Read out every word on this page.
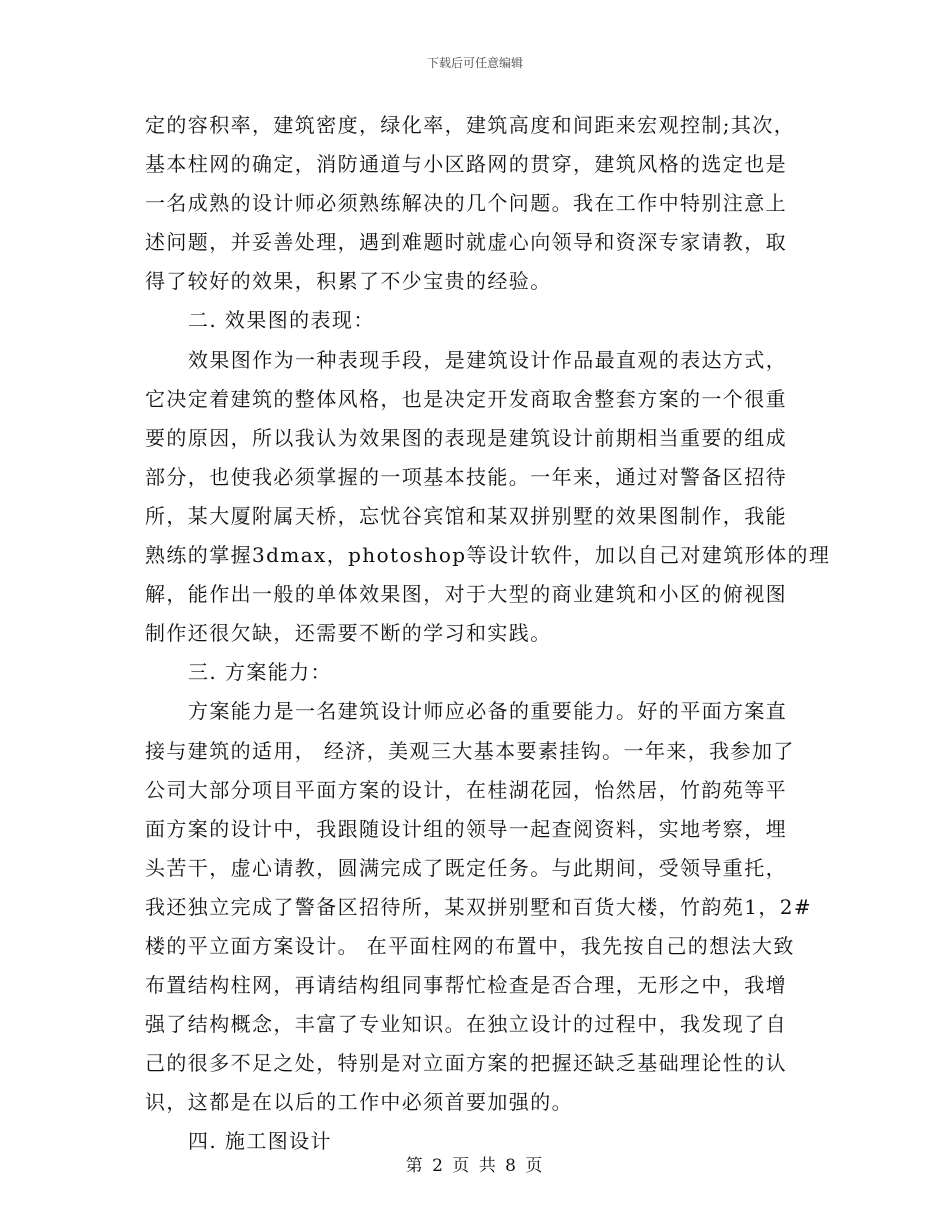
下载后可任意编辑
定的容积率，建筑密度，绿化率，建筑高度和间距来宏观控制;其次，
基本柱网的确定，消防通道与小区路网的贯穿，建筑风格的选定也是
一名成熟的设计师必须熟练解决的几个问题。我在工作中特别注意上
述问题，并妥善处理，遇到难题时就虚心向领导和资深专家请教，取
得了较好的效果，积累了不少宝贵的经验。
二. 效果图的表现：
效果图作为一种表现手段，是建筑设计作品最直观的表达方式，
它决定着建筑的整体风格，也是决定开发商取舍整套方案的一个很重
要的原因，所以我认为效果图的表现是建筑设计前期相当重要的组成
部分，也使我必须掌握的一项基本技能。一年来，通过对警备区招待
所，某大厦附属天桥，忘忧谷宾馆和某双拼别墅的效果图制作，我能
熟练的掌握3dmax，photoshop等设计软件，加以自己对建筑形体的理
解，能作出一般的单体效果图，对于大型的商业建筑和小区的俯视图
制作还很欠缺，还需要不断的学习和实践。
三. 方案能力：
方案能力是一名建筑设计师应必备的重要能力。好的平面方案直
接与建筑的适用， 经济，美观三大基本要素挂钩。一年来，我参加了
公司大部分项目平面方案的设计，在桂湖花园，怡然居，竹韵苑等平
面方案的设计中，我跟随设计组的领导一起查阅资料，实地考察，埋
头苦干，虚心请教，圆满完成了既定任务。与此期间，受领导重托，
我还独立完成了警备区招待所，某双拼别墅和百货大楼，竹韵苑1，2#
楼的平立面方案设计。 在平面柱网的布置中，我先按自己的想法大致
布置结构柱网，再请结构组同事帮忙检查是否合理，无形之中，我增
强了结构概念，丰富了专业知识。在独立设计的过程中，我发现了自
己的很多不足之处，特别是对立面方案的把握还缺乏基础理论性的认
识，这都是在以后的工作中必须首要加强的。
四. 施工图设计
第 2 页 共 8 页
